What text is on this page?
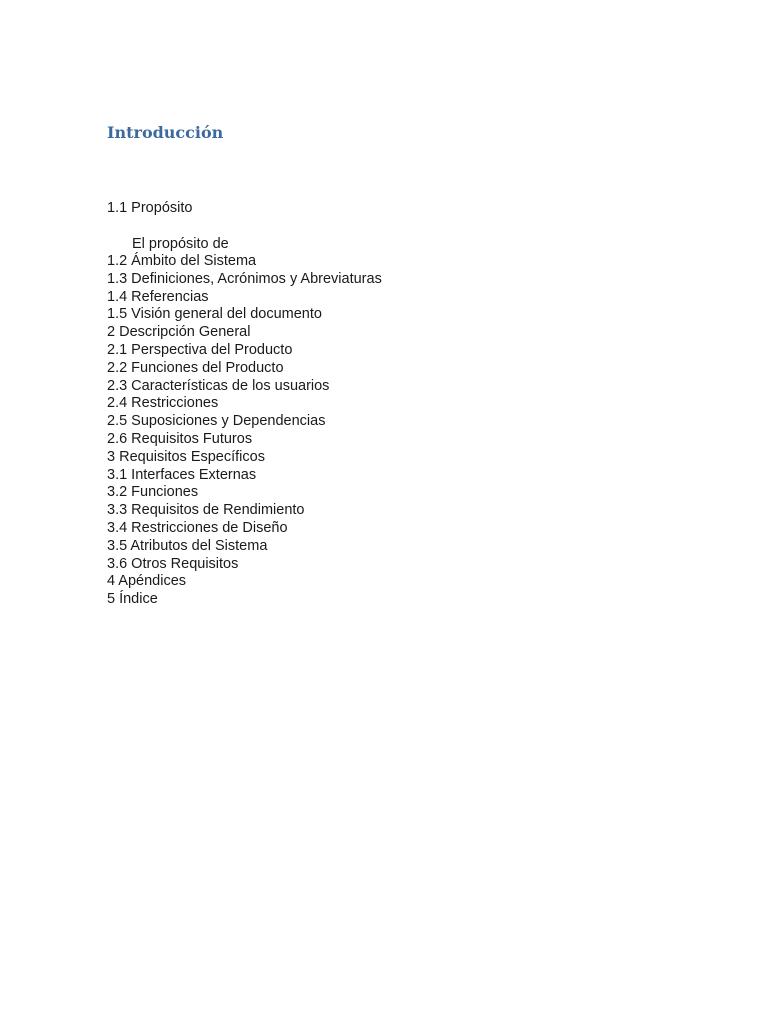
Introducción

1.1 Propósito

El propósito de

1.2 Ámbito del Sistema
1.3 Definiciones, Acrónimos y Abreviaturas
1.4 Referencias
1.5 Visión general del documento
2 Descripción General
2.1 Perspectiva del Producto
2.2 Funciones del Producto
2.3 Características de los usuarios
2.4 Restricciones
2.5 Suposiciones y Dependencias
2.6 Requisitos Futuros
3 Requisitos Específicos
3.1 Interfaces Externas
3.2 Funciones
3.3 Requisitos de Rendimiento
3.4 Restricciones de Diseño
3.5 Atributos del Sistema
3.6 Otros Requisitos
4 Apéndices
5 Índice
